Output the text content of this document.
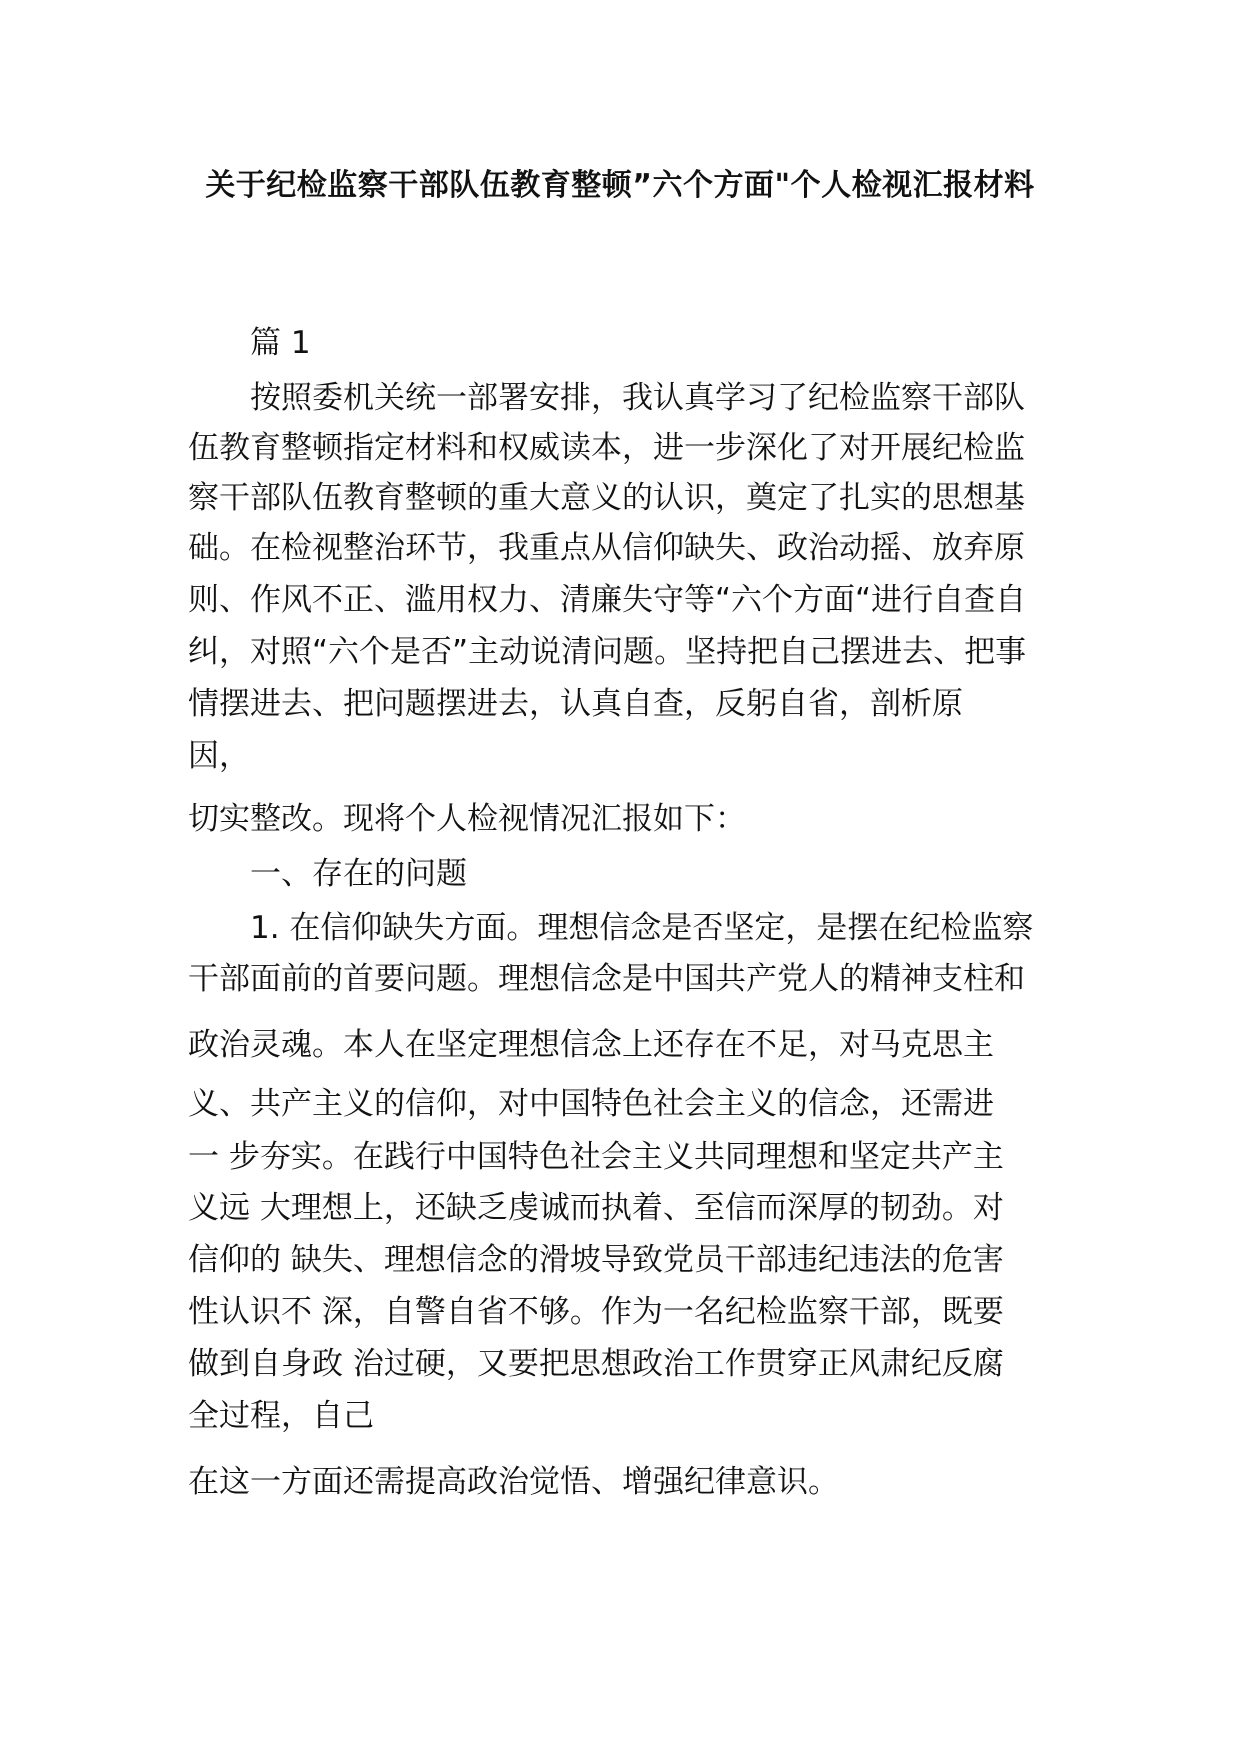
关于纪检监察干部队伍教育整顿”六个方面"个人检视汇报材料

篇 1

按照委机关统一部署安排，我认真学习了纪检监察干部队

伍教育整顿指定材料和权威读本，进一步深化了对开展纪检监

察干部队伍教育整顿的重大意义的认识，奠定了扎实的思想基

础。在检视整治环节，我重点从信仰缺失、政治动摇、放弃原

则、作风不正、滥用权力、清廉失守等“六个方面“进行自查自

纠，对照“六个是否”主动说清问题。坚持把自己摆进去、把事

情摆进去、把问题摆进去，认真自查，反躬自省，剖析原

因，

切实整改。现将个人检视情况汇报如下：

一、存在的问题

1. 在信仰缺失方面。理想信念是否坚定，是摆在纪检监察

干部面前的首要问题。理想信念是中国共产党人的精神支柱和

政治灵魂。本人在坚定理想信念上还存在不足，对马克思主

义、共产主义的信仰，对中国特色社会主义的信念，还需进

一 步夯实。在践行中国特色社会主义共同理想和坚定共产主

义远 大理想上，还缺乏虔诚而执着、至信而深厚的韧劲。对

信仰的 缺失、理想信念的滑坡导致党员干部违纪违法的危害

性认识不 深，自警自省不够。作为一名纪检监察干部，既要

做到自身政 治过硬，又要把思想政治工作贯穿正风肃纪反腐

全过程，自己

在这一方面还需提高政治觉悟、增强纪律意识。
